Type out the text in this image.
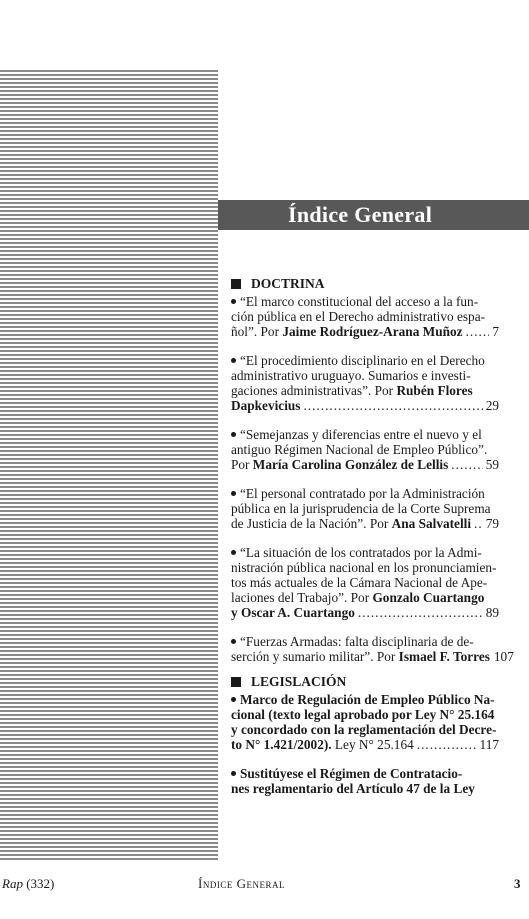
Índice General
DOCTRINA
“El marco constitucional del acceso a la fun-
ción pública en el Derecho administrativo espa-
ñol”. Por Jaime Rodríguez-Arana Muñoz ..... 7
“El procedimiento disciplinario en el Derecho
administrativo uruguayo. Sumarios e investi-
gaciones administrativas”. Por Rubén Flores
Dapkevicius .....	29
“Semejanzas y diferencias entre el nuevo y el
antiguo Régimen Nacional de Empleo Público”.
Por María Carolina González de Lellis .....	59
“El personal contratado por la Administración
pública en la jurisprudencia de la Corte Suprema
de Justicia de la Nación”. Por Ana Salvatelli ..... 79
“La situación de los contratados por la Admi-
nistración pública nacional en los pronunciamien-
tos más actuales de la Cámara Nacional de Ape-
laciones del Trabajo”. Por Gonzalo Cuartango
y Oscar A. Cuartango .....	89
“Fuerzas Armadas: falta disciplinaria de de-
serción y sumario militar”. Por Ismael F. Torres 107
LEGISLACIÓN
Marco de Regulación de Empleo Público Na-
cional (texto legal aprobado por Ley N° 25.164
y concordado con la reglamentación del Decre-
to N° 1.421/2002). Ley N° 25.164 .....	117
Sustitúyese el Régimen de Contratacio-
nes reglamentario del Artículo 47 de la Ley
Rap (332)	Índice General	3
